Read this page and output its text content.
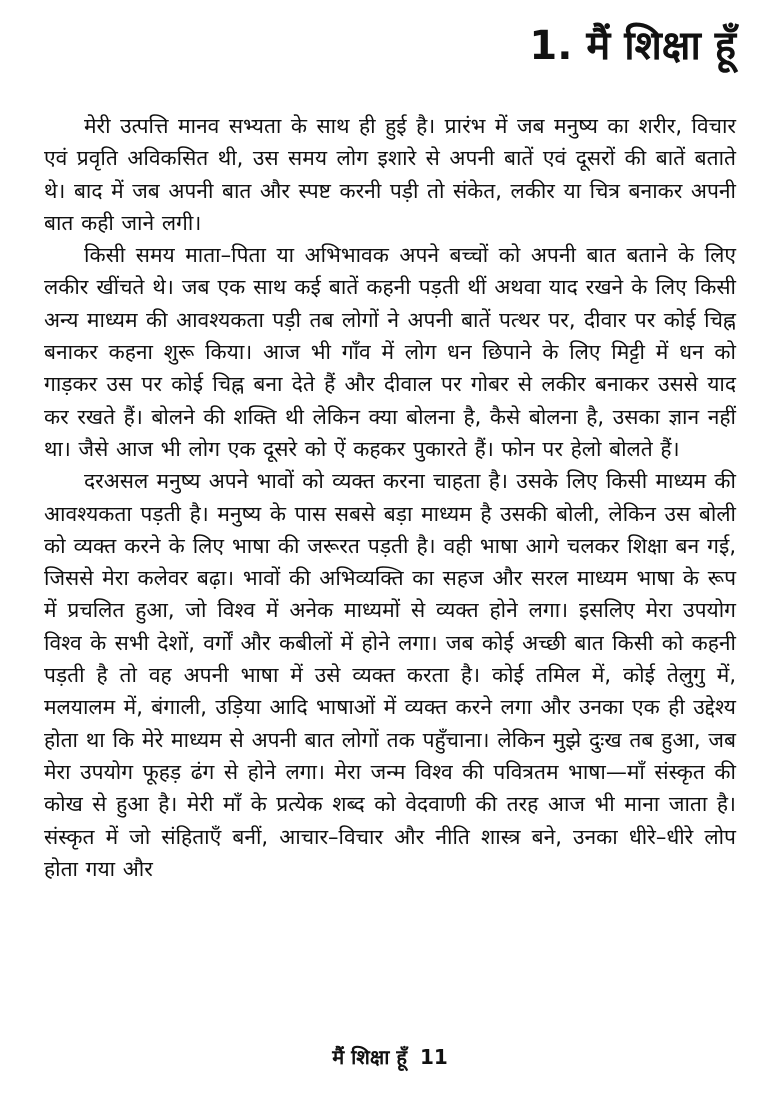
1. मैं शिक्षा हूँ

मेरी उत्पत्ति मानव सभ्यता के साथ ही हुई है। प्रारंभ में जब मनुष्य का शरीर, विचार एवं प्रवृति अविकसित थी, उस समय लोग इशारे से अपनी बातें एवं दूसरों की बातें बताते थे। बाद में जब अपनी बात और स्पष्ट करनी पड़ी तो संकेत, लकीर या चित्र बनाकर अपनी बात कही जाने लगी।

किसी समय माता–पिता या अभिभावक अपने बच्चों को अपनी बात बताने के लिए लकीर खींचते थे। जब एक साथ कई बातें कहनी पड़ती थीं अथवा याद रखने के लिए किसी अन्य माध्यम की आवश्यकता पड़ी तब लोगों ने अपनी बातें पत्थर पर, दीवार पर कोई चिह्न बनाकर कहना शुरू किया। आज भी गाँव में लोग धन छिपाने के लिए मिट्टी में धन को गाड़कर उस पर कोई चिह्न बना देते हैं और दीवाल पर गोबर से लकीर बनाकर उससे याद कर रखते हैं। बोलने की शक्ति थी लेकिन क्या बोलना है, कैसे बोलना है, उसका ज्ञान नहीं था। जैसे आज भी लोग एक दूसरे को ऐं कहकर पुकारते हैं। फोन पर हेलो बोलते हैं।

दरअसल मनुष्य अपने भावों को व्यक्त करना चाहता है। उसके लिए किसी माध्यम की आवश्यकता पड़ती है। मनुष्य के पास सबसे बड़ा माध्यम है उसकी बोली, लेकिन उस बोली को व्यक्त करने के लिए भाषा की जरूरत पड़ती है। वही भाषा आगे चलकर शिक्षा बन गई, जिससे मेरा कलेवर बढ़ा। भावों की अभिव्यक्ति का सहज और सरल माध्यम भाषा के रूप में प्रचलित हुआ, जो विश्व में अनेक माध्यमों से व्यक्त होने लगा। इसलिए मेरा उपयोग विश्व के सभी देशों, वर्गों और कबीलों में होने लगा। जब कोई अच्छी बात किसी को कहनी पड़ती है तो वह अपनी भाषा में उसे व्यक्त करता है। कोई तमिल में, कोई तेलुगु में, मलयालम में, बंगाली, उड़िया आदि भाषाओं में व्यक्त करने लगा और उनका एक ही उद्देश्य होता था कि मेरे माध्यम से अपनी बात लोगों तक पहुँचाना। लेकिन मुझे दुःख तब हुआ, जब मेरा उपयोग फूहड़ ढंग से होने लगा। मेरा जन्म विश्व की पवित्रतम भाषा—माँ संस्कृत की कोख से हुआ है। मेरी माँ के प्रत्येक शब्द को वेदवाणी की तरह आज भी माना जाता है। संस्कृत में जो संहिताएँ बनीं, आचार–विचार और नीति शास्त्र बने, उनका धीरे–धीरे लोप होता गया और

मैं शिक्षा हूँ 11
